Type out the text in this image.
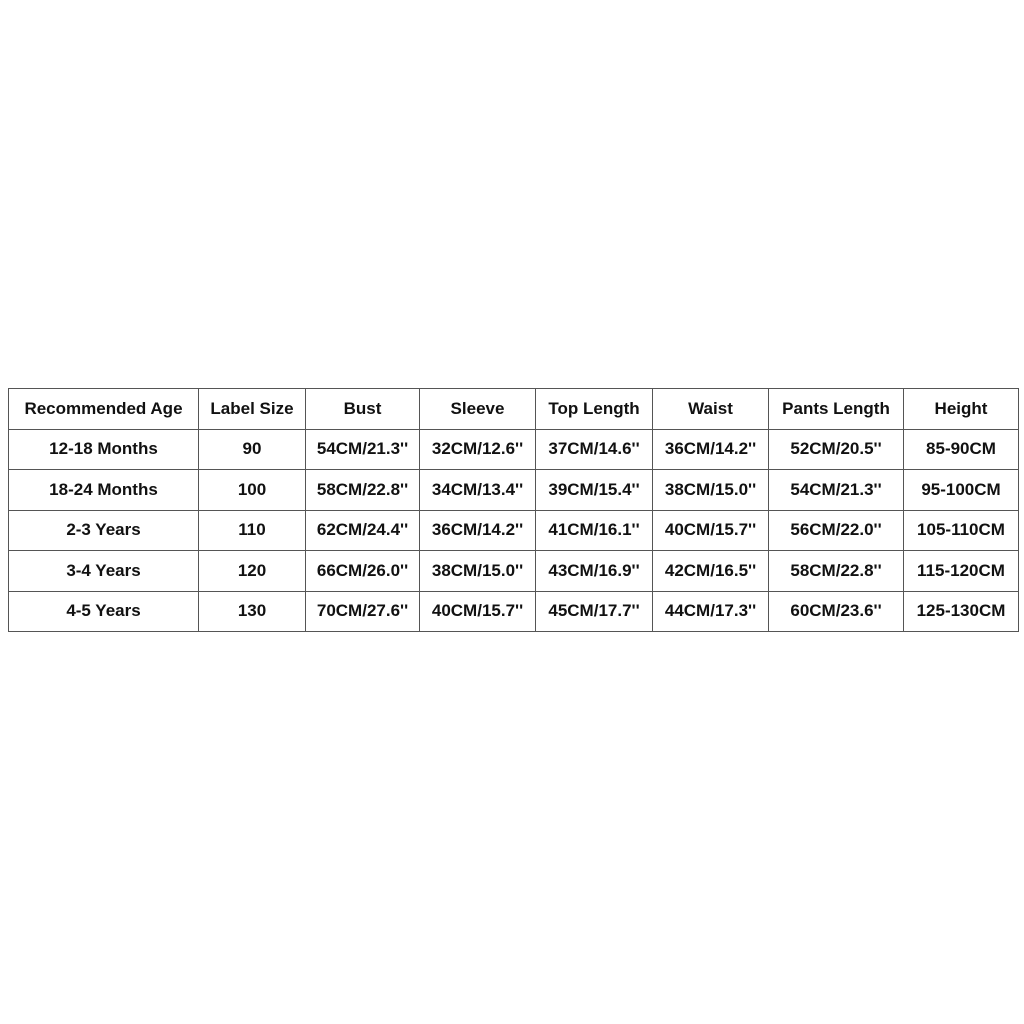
Recommended Age	Label Size	Bust	Sleeve	Top Length	Waist	Pants Length	Height
12-18 Months	90	54CM/21.3''	32CM/12.6''	37CM/14.6''	36CM/14.2''	52CM/20.5''	85-90CM
18-24 Months	100	58CM/22.8''	34CM/13.4''	39CM/15.4''	38CM/15.0''	54CM/21.3''	95-100CM
2-3 Years	110	62CM/24.4''	36CM/14.2''	41CM/16.1''	40CM/15.7''	56CM/22.0''	105-110CM
3-4 Years	120	66CM/26.0''	38CM/15.0''	43CM/16.9''	42CM/16.5''	58CM/22.8''	115-120CM
4-5 Years	130	70CM/27.6''	40CM/15.7''	45CM/17.7''	44CM/17.3''	60CM/23.6''	125-130CM
